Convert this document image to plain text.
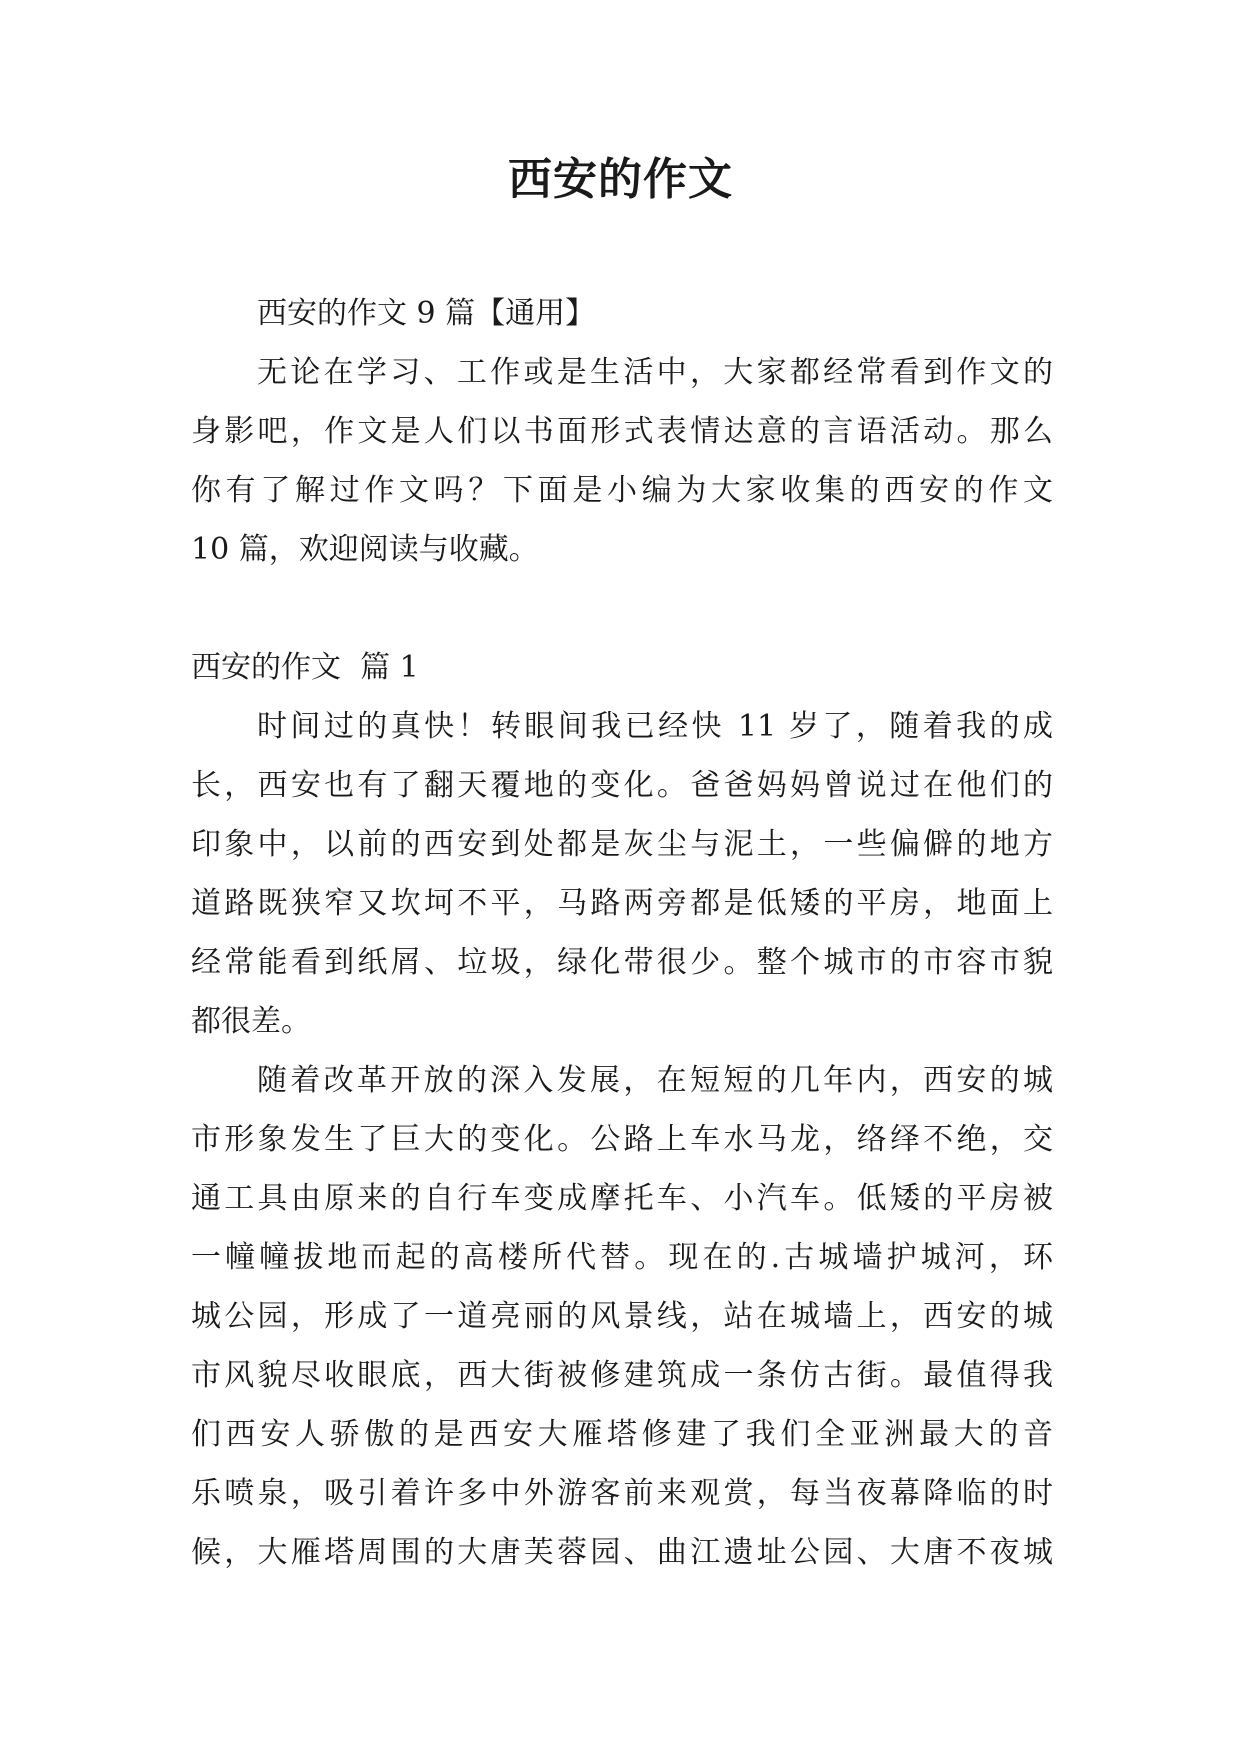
西安的作文
西安的作文 9 篇【通用】
无论在学习、工作或是生活中，大家都经常看到作文的
身影吧，作文是人们以书面形式表情达意的言语活动。那么
你有了解过作文吗？下面是小编为大家收集的西安的作文
10 篇，欢迎阅读与收藏。
西安的作文  篇 1
时间过的真快！转眼间我已经快 11 岁了，随着我的成
长，西安也有了翻天覆地的变化。爸爸妈妈曾说过在他们的
印象中，以前的西安到处都是灰尘与泥土，一些偏僻的地方
道路既狭窄又坎坷不平，马路两旁都是低矮的平房，地面上
经常能看到纸屑、垃圾，绿化带很少。整个城市的市容市貌
都很差。
随着改革开放的深入发展，在短短的几年内，西安的城
市形象发生了巨大的变化。公路上车水马龙，络绎不绝，交
通工具由原来的自行车变成摩托车、小汽车。低矮的平房被
一幢幢拔地而起的高楼所代替。现在的.古城墙护城河，环
城公园，形成了一道亮丽的风景线，站在城墙上，西安的城
市风貌尽收眼底，西大街被修建筑成一条仿古街。最值得我
们西安人骄傲的是西安大雁塔修建了我们全亚洲最大的音
乐喷泉，吸引着许多中外游客前来观赏，每当夜幕降临的时
候，大雁塔周围的大唐芙蓉园、曲江遗址公园、大唐不夜城
